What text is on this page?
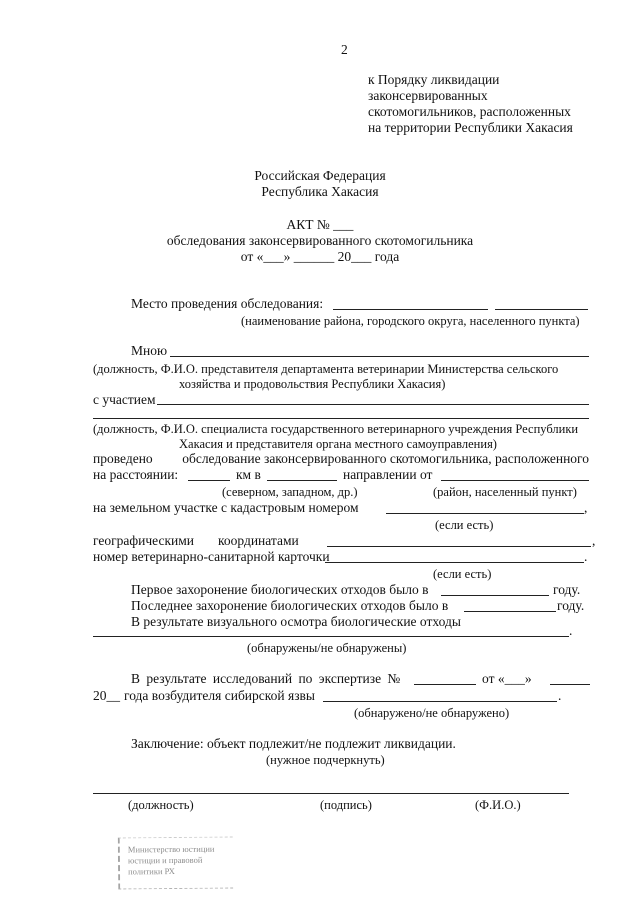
2
к Порядку ликвидации
законсервированных
скотомогильников, расположенных
на территории Республики Хакасия
Российская Федерация
Республика Хакасия
АКТ № ___
обследования законсервированного скотомогильника
от «___» ______ 20___ года
Место проведения обследования:
(наименование района, городского округа, населенного пункта)
Мною
(должность, Ф.И.О. представителя департамента ветеринарии Министерства сельского
хозяйства и продовольствия Республики Хакасия)
с участием
(должность, Ф.И.О. специалиста государственного ветеринарного учреждения Республики
Хакасия и представителя органа местного самоуправления)
проведено обследование законсервированного скотомогильника, расположенного
на расстоянии:	км в	направлении от
(северном, западном, др.)	(район, населенный пункт)
на земельном участке с кадастровым номером	,
(если есть)
географическими координатами	,
номер ветеринарно-санитарной карточки	.
(если есть)
Первое захоронение биологических отходов было в	году.
Последнее захоронение биологических отходов было в	году.
В результате визуального осмотра биологические отходы
.
(обнаружены/не обнаружены)
В результате исследований по экспертизе №	от «___»
20__ года возбудителя сибирской язвы	.
(обнаружено/не обнаружено)
Заключение: объект подлежит/не подлежит ликвидации.
(нужное подчеркнуть)
(должность)	(подпись)	(Ф.И.О.)
Министерство юстиции
юстиции и правовой
политики РХ
